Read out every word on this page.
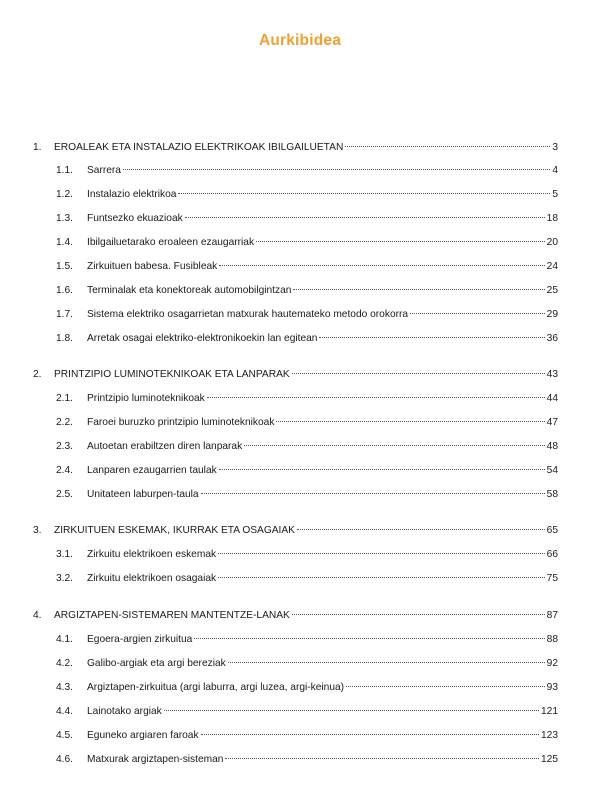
Aurkibidea
1.	EROALEAK ETA INSTALAZIO ELEKTRIKOAK IBILGAILUETAN	3
1.1.	Sarrera	4
1.2.	Instalazio elektrikoa	5
1.3.	Funtsezko ekuazioak	18
1.4.	Ibilgailuetarako eroaleen ezaugarriak	20
1.5.	Zirkuituen babesa. Fusibleak	24
1.6.	Terminalak eta konektoreak automobilgintzan	25
1.7.	Sistema elektriko osagarrietan matxurak hautemateko metodo orokorra	29
1.8.	Arretak osagai elektriko-elektronikoekin lan egitean	36
2.	PRINTZIPIO LUMINOTEKNIKOAK ETA LANPARAK	43
2.1.	Printzipio luminoteknikoak	44
2.2.	Faroei buruzko printzipio luminoteknikoak	47
2.3.	Autoetan erabiltzen diren lanparak	48
2.4.	Lanparen ezaugarrien taulak	54
2.5.	Unitateen laburpen-taula	58
3.	ZIRKUITUEN ESKEMAK, IKURRAK ETA OSAGAIAK	65
3.1.	Zirkuitu elektrikoen eskemak	66
3.2.	Zirkuitu elektrikoen osagaiak	75
4.	ARGIZTAPEN-SISTEMAREN MANTENTZE-LANAK	87
4.1.	Egoera-argien zirkuitua	88
4.2.	Galibo-argiak eta argi bereziak	92
4.3.	Argiztapen-zirkuitua (argi laburra, argi luzea, argi-keinua)	93
4.4.	Lainotako argiak	121
4.5.	Eguneko argiaren faroak	123
4.6.	Matxurak argiztapen-sisteman	125
